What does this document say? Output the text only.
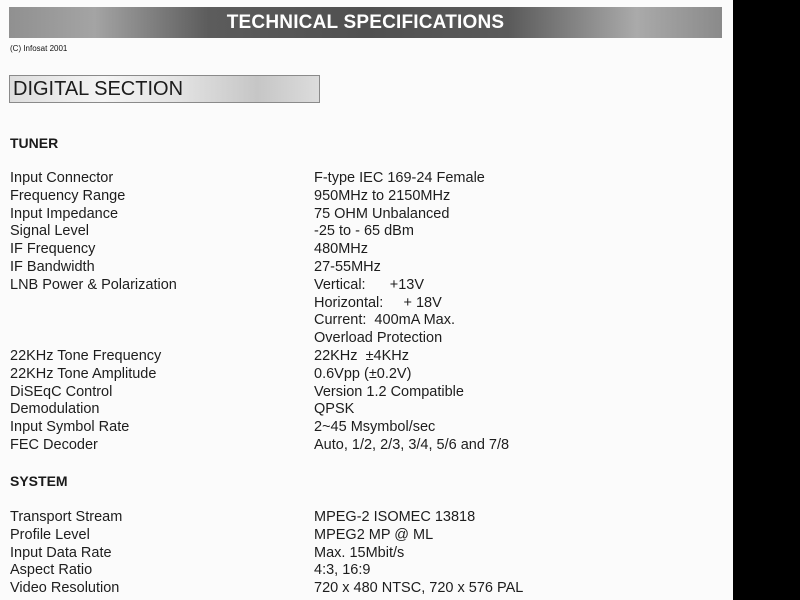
TECHNICAL SPECIFICATIONS
(C) Infosat 2001
DIGITAL SECTION
TUNER
Input Connector	F-type IEC 169-24 Female
Frequency Range	950MHz to 2150MHz
Input Impedance	75 OHM Unbalanced
Signal Level	-25 to - 65 dBm
IF Frequency	480MHz
IF Bandwidth	27-55MHz
LNB Power & Polarization	Vertical:      +13V
Horizontal:     + 18V
Current:  400mA Max.
Overload Protection
22KHz Tone Frequency	22KHz  ±4KHz
22KHz Tone Amplitude	0.6Vpp (±0.2V)
DiSEqC Control	Version 1.2 Compatible
Demodulation	QPSK
Input Symbol Rate	2~45 Msymbol/sec
FEC Decoder	Auto, 1/2, 2/3, 3/4, 5/6 and 7/8
SYSTEM
Transport Stream	MPEG-2 ISOMEC 13818
Profile Level	MPEG2 MP @ ML
Input Data Rate	Max. 15Mbit/s
Aspect Ratio	4:3, 16:9
Video Resolution	720 x 480 NTSC, 720 x 576 PAL
